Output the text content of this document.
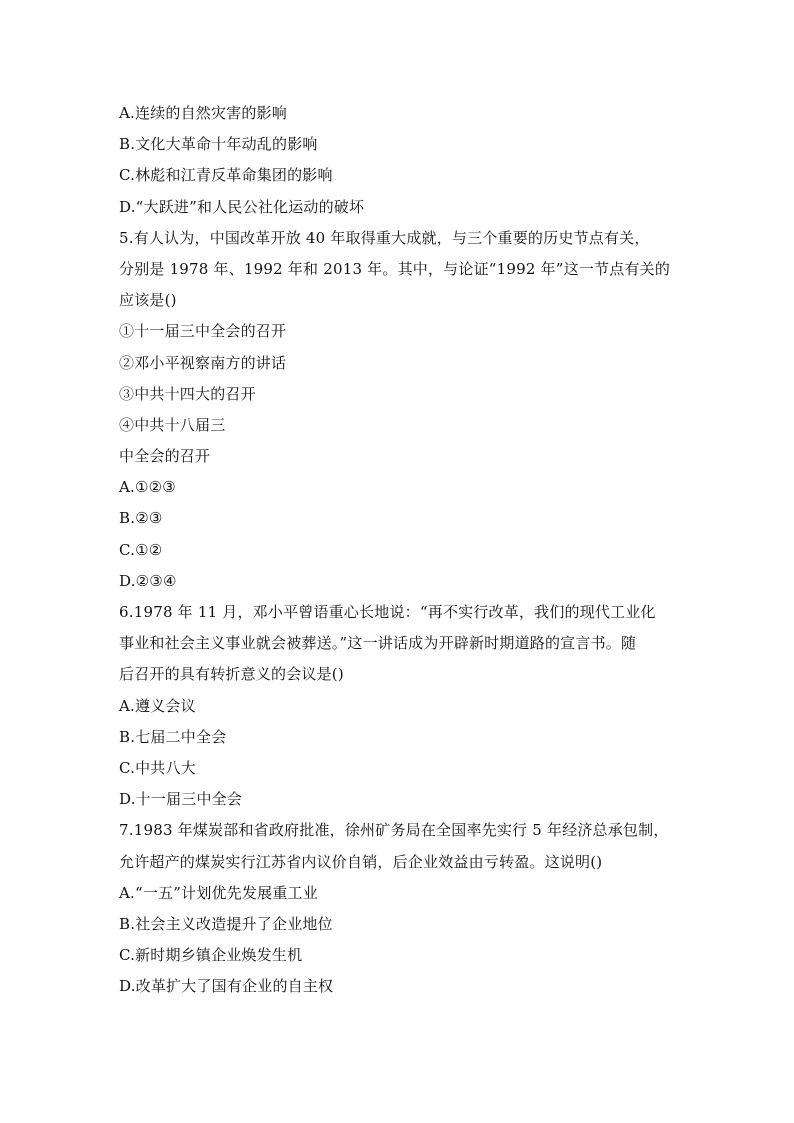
A.连续的自然灾害的影响
B.文化大革命十年动乱的影响
C.林彪和江青反革命集团的影响
D.“大跃进”和人民公社化运动的破坏
5.有人认为，中国改革开放 40 年取得重大成就，与三个重要的历史节点有关，
分别是 1978 年、1992 年和 2013 年。其中，与论证“1992 年”这一节点有关的
应该是()
①十一届三中全会的召开
②邓小平视察南方的讲话
③中共十四大的召开
④中共十八届三
中全会的召开
A.①②③
B.②③
C.①②
D.②③④
6.1978 年 11 月，邓小平曾语重心长地说：“再不实行改革，我们的现代工业化
事业和社会主义事业就会被葬送。”这一讲话成为开辟新时期道路的宣言书。随
后召开的具有转折意义的会议是()
A.遵义会议
B.七届二中全会
C.中共八大
D.十一届三中全会
7.1983 年煤炭部和省政府批准，徐州矿务局在全国率先实行 5 年经济总承包制，
允许超产的煤炭实行江苏省内议价自销，后企业效益由亏转盈。这说明()
A.“一五”计划优先发展重工业
B.社会主义改造提升了企业地位
C.新时期乡镇企业焕发生机
D.改革扩大了国有企业的自主权
